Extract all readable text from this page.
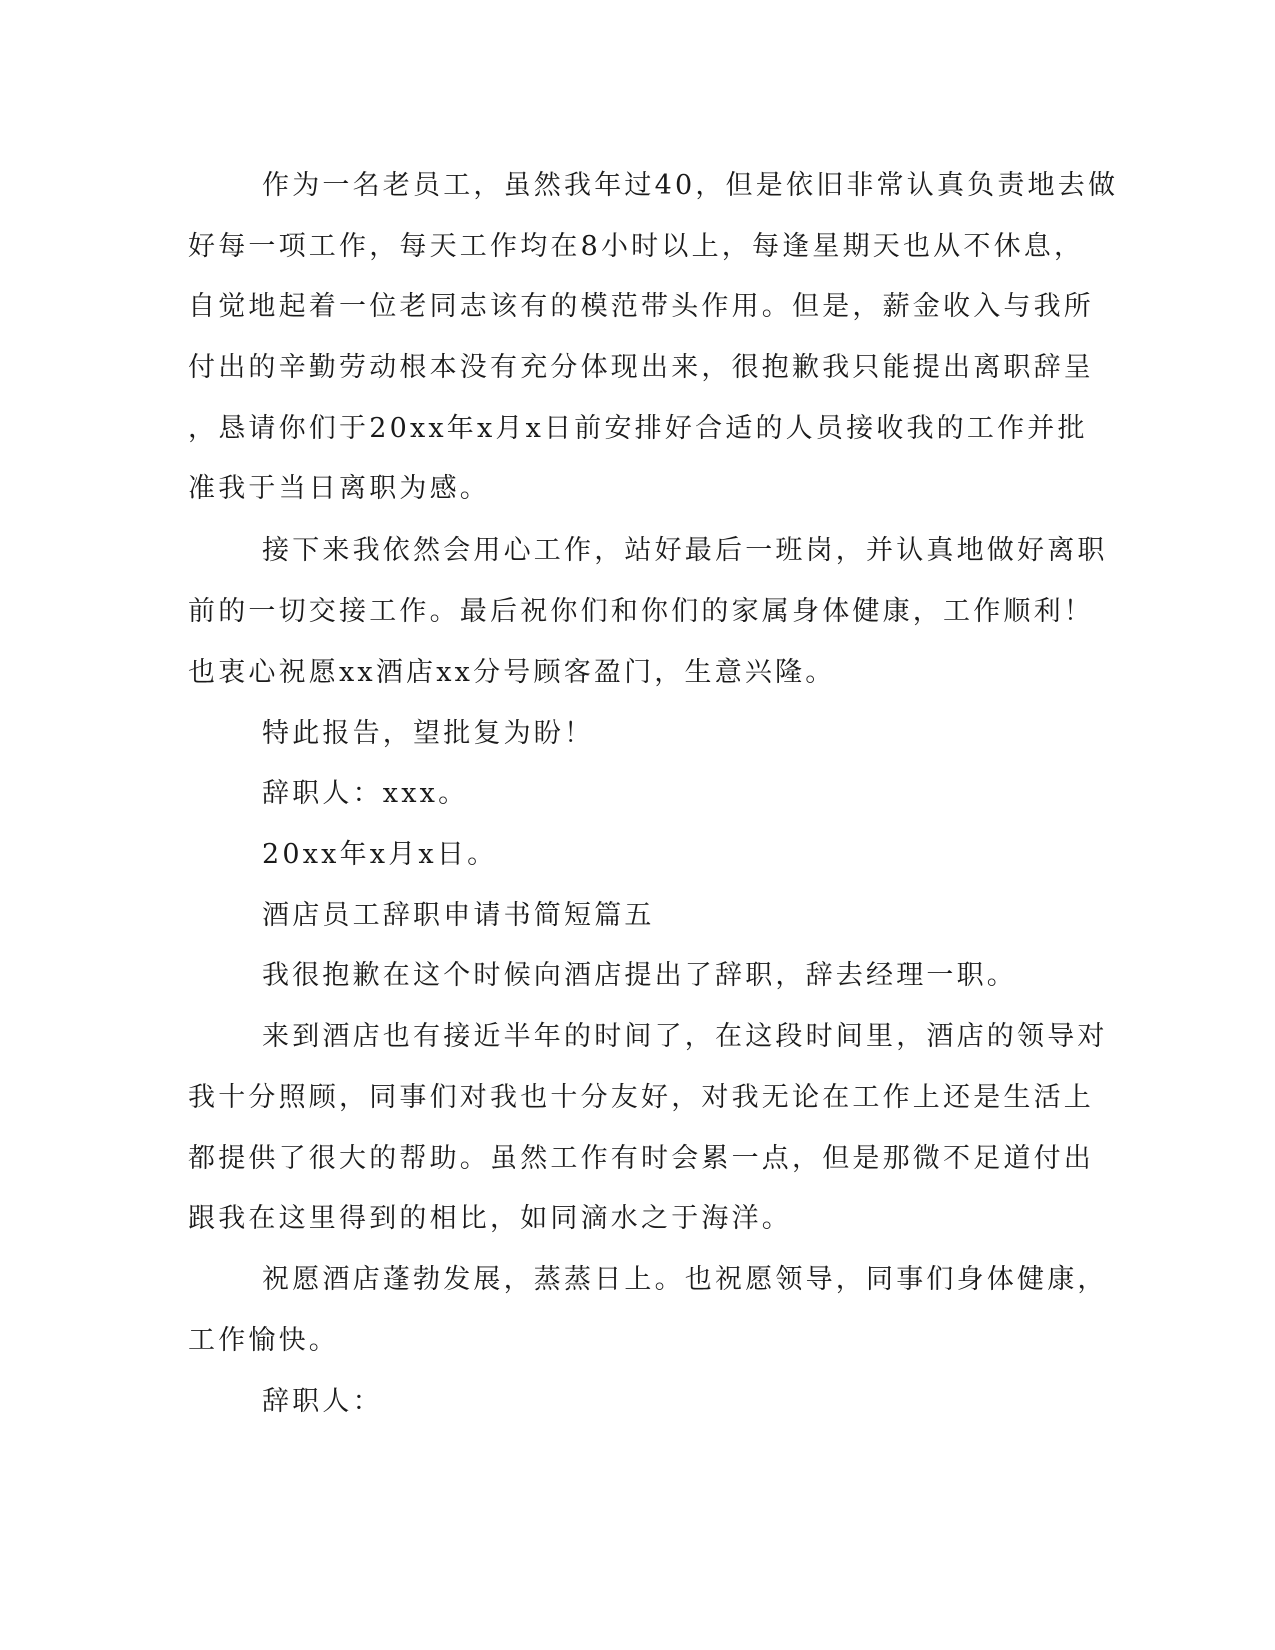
作为一名老员工，虽然我年过40，但是依旧非常认真负责地去做
好每一项工作，每天工作均在8小时以上，每逢星期天也从不休息，
自觉地起着一位老同志该有的模范带头作用。但是，薪金收入与我所
付出的辛勤劳动根本没有充分体现出来，很抱歉我只能提出离职辞呈
，恳请你们于20xx年x月x日前安排好合适的人员接收我的工作并批
准我于当日离职为感。
接下来我依然会用心工作，站好最后一班岗，并认真地做好离职
前的一切交接工作。最后祝你们和你们的家属身体健康，工作顺利！
也衷心祝愿xx酒店xx分号顾客盈门，生意兴隆。
特此报告，望批复为盼！
辞职人：xxx。
20xx年x月x日。
酒店员工辞职申请书简短篇五
我很抱歉在这个时候向酒店提出了辞职，辞去经理一职。
来到酒店也有接近半年的时间了，在这段时间里，酒店的领导对
我十分照顾，同事们对我也十分友好，对我无论在工作上还是生活上
都提供了很大的帮助。虽然工作有时会累一点，但是那微不足道付出
跟我在这里得到的相比，如同滴水之于海洋。
祝愿酒店蓬勃发展，蒸蒸日上。也祝愿领导，同事们身体健康，
工作愉快。
辞职人：
